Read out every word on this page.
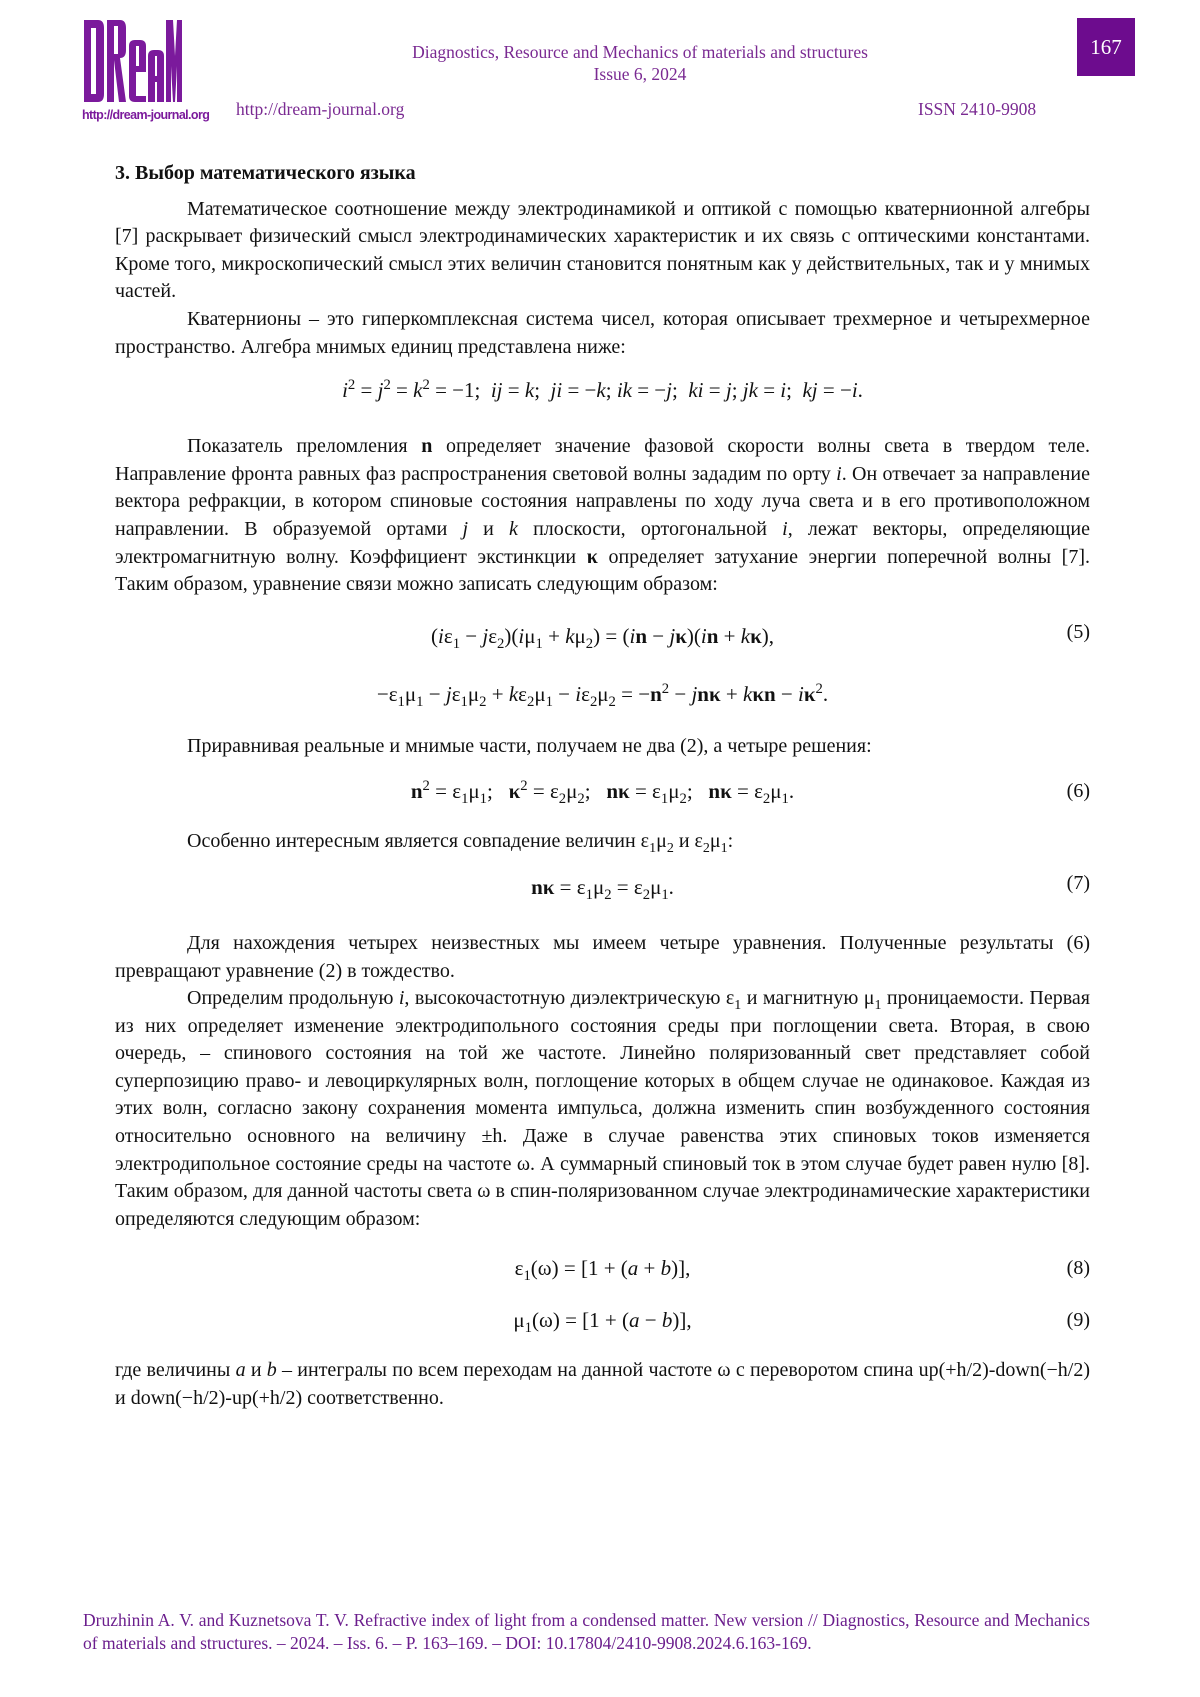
http://dream-journal.org
Diagnostics, Resource and Mechanics of materials and structures
Issue 6, 2024
http://dream-journal.org	ISSN 2410-9908
167
3. Выбор математического языка

Математическое соотношение между электродинамикой и оптикой с помощью кватернионной алгебры [7] раскрывает физический смысл электродинамических характеристик и их связь с оптическими константами. Кроме того, микроскопический смысл этих величин становится понятным как у действительных, так и у мнимых частей.

Кватернионы – это гиперкомплексная система чисел, которая описывает трехмерное и четырехмерное пространство. Алгебра мнимых единиц представлена ниже:

$i^2 = j^2 = k^2 = -1$;  ij = k;  ji = −k; ik = −j;  ki = j; jk = i;  kj = −i.

Показатель преломления n определяет значение фазовой скорости волны света в твердом теле. Направление фронта равных фаз распространения световой волны зададим по орту i. Он отвечает за направление вектора рефракции, в котором спиновые состояния направлены по ходу луча света и в его противоположном направлении. В образуемой ортами j и k плоскости, ортогональной i, лежат векторы, определяющие электромагнитную волну. Коэффициент экстинкции κ определяет затухание энергии поперечной волны [7]. Таким образом, уравнение связи можно записать следующим образом:

$(i\varepsilon_1 - j\varepsilon_2)(i\mu_1 + k\mu_2) = (in - j\kappa)(in + k\kappa)$,	(5)
$-\varepsilon_1\mu_1 - j\varepsilon_1\mu_2 + k\varepsilon_2\mu_1 - i\varepsilon_2\mu_2 = -n^2 - jn\kappa + k\kappa n - i\kappa^2$.

Приравнивая реальные и мнимые части, получаем не два (2), а четыре решения:

$n^2 = \varepsilon_1\mu_1$;   $\kappa^2 = \varepsilon_2\mu_2$;   $n\kappa = \varepsilon_1\mu_2$;   $n\kappa = \varepsilon_2\mu_1$.	(6)

Особенно интересным является совпадение величин $\varepsilon_1\mu_2$ и $\varepsilon_2\mu_1$:

$n\kappa = \varepsilon_1\mu_2 = \varepsilon_2\mu_1$.	(7)

Для нахождения четырех неизвестных мы имеем четыре уравнения. Полученные результаты (6) превращают уравнение (2) в тождество.

Определим продольную i, высокочастотную диэлектрическую $\varepsilon_1$ и магнитную $\mu_1$ проницаемости. Первая из них определяет изменение электродипольного состояния среды при поглощении света. Вторая, в свою очередь, – спинового состояния на той же частоте. Линейно поляризованный свет представляет собой суперпозицию право- и левоциркулярных волн, поглощение которых в общем случае не одинаковое. Каждая из этих волн, согласно закону сохранения момента импульса, должна изменить спин возбужденного состояния относительно основного на величину ±h. Даже в случае равенства этих спиновых токов изменяется электродипольное состояние среды на частоте ω. А суммарный спиновый ток в этом случае будет равен нулю [8]. Таким образом, для данной частоты света ω в спин-поляризованном случае электродинамические характеристики определяются следующим образом:

$\varepsilon_1(\omega) = [1 + (a + b)]$,	(8)
$\mu_1(\omega) = [1 + (a - b)]$,	(9)

где величины a и b – интегралы по всем переходам на данной частоте ω с переворотом спина up(+h/2)-down(−h/2) и down(−h/2)-up(+h/2) соответственно.

Druzhinin A. V. and Kuznetsova T. V. Refractive index of light from a condensed matter. New version // Diagnostics, Resource and Mechanics of materials and structures. – 2024. – Iss. 6. – P. 163–169. – DOI: 10.17804/2410-9908.2024.6.163-169.
